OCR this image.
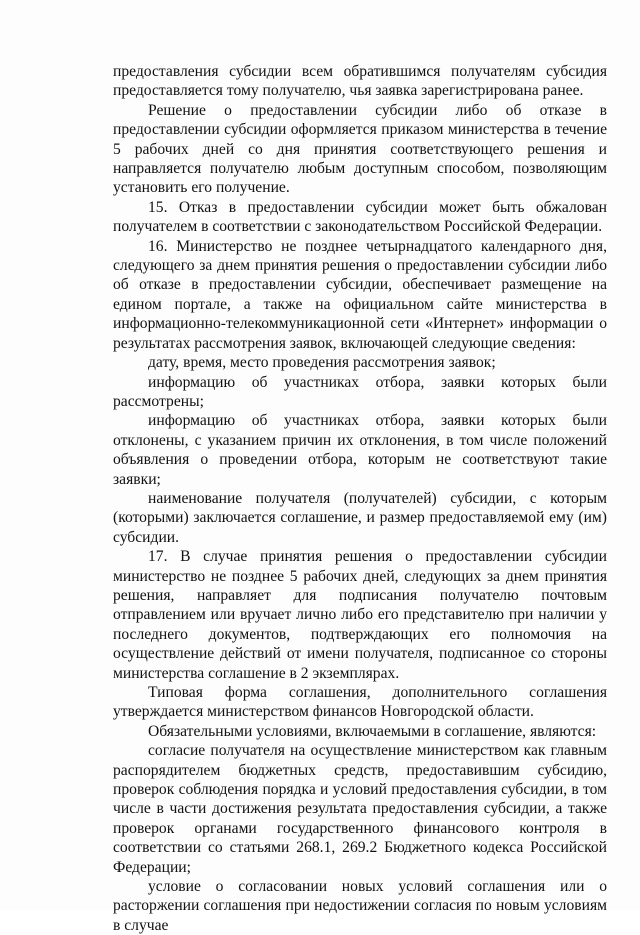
предоставления субсидии всем обратившимся получателям субсидия предоставляется тому получателю, чья заявка зарегистрирована ранее.

Решение о предоставлении субсидии либо об отказе в предоставлении субсидии оформляется приказом министерства в течение 5 рабочих дней со дня принятия соответствующего решения и направляется получателю любым доступным способом, позволяющим установить его получение.

15. Отказ в предоставлении субсидии может быть обжалован получателем в соответствии с законодательством Российской Федерации.

16. Министерство не позднее четырнадцатого календарного дня, следующего за днем принятия решения о предоставлении субсидии либо об отказе в предоставлении субсидии, обеспечивает размещение на едином портале, а также на официальном сайте министерства в информационно-телекоммуникационной сети «Интернет» информации о результатах рассмотрения заявок, включающей следующие сведения:

дату, время, место проведения рассмотрения заявок;

информацию об участниках отбора, заявки которых были рассмотрены;

информацию об участниках отбора, заявки которых были отклонены, с указанием причин их отклонения, в том числе положений объявления о проведении отбора, которым не соответствуют такие заявки;

наименование получателя (получателей) субсидии, с которым (которыми) заключается соглашение, и размер предоставляемой ему (им) субсидии.

17. В случае принятия решения о предоставлении субсидии министерство не позднее 5 рабочих дней, следующих за днем принятия решения, направляет для подписания получателю почтовым отправлением или вручает лично либо его представителю при наличии у последнего документов, подтверждающих его полномочия на осуществление действий от имени получателя, подписанное со стороны министерства соглашение в 2 экземплярах.

Типовая форма соглашения, дополнительного соглашения утверждается министерством финансов Новгородской области.

Обязательными условиями, включаемыми в соглашение, являются:

согласие получателя на осуществление министерством как главным распорядителем бюджетных средств, предоставившим субсидию, проверок соблюдения порядка и условий предоставления субсидии, в том числе в части достижения результата предоставления субсидии, а также проверок органами государственного финансового контроля в соответствии со статьями 268.1, 269.2 Бюджетного кодекса Российской Федерации;

условие о согласовании новых условий соглашения или о расторжении соглашения при недостижении согласия по новым условиям в случае
